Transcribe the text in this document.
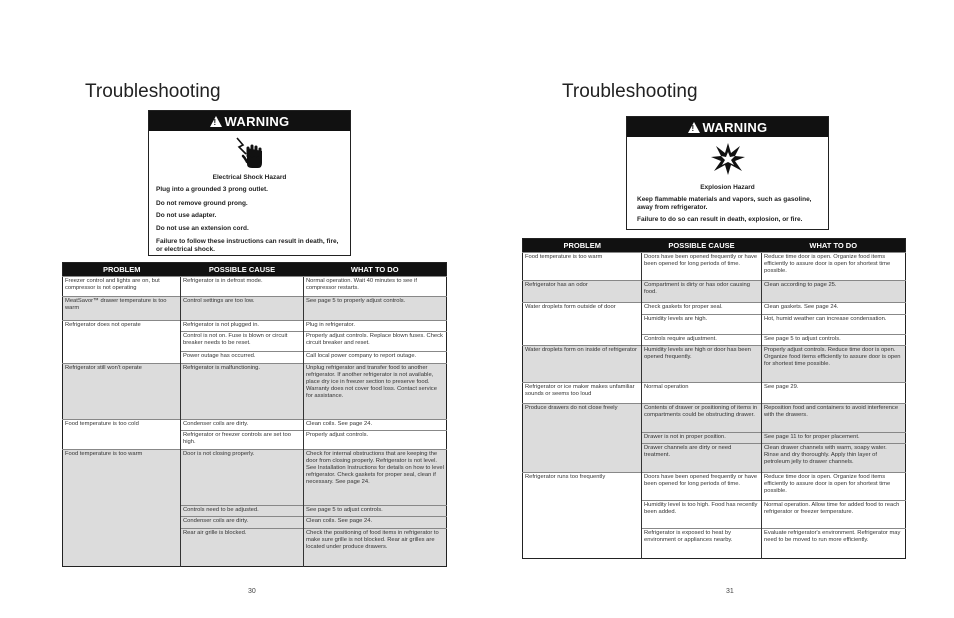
Troubleshooting
! WARNING
Electrical Shock Hazard
Plug into a grounded 3 prong outlet.
Do not remove ground prong.
Do not use adapter.
Do not use an extension cord.
Failure to follow these instructions can result in death, fire, or electrical shock.
PROBLEM	POSSIBLE CAUSE	WHAT TO DO
Freezer control and lights are on, but compressor is not operating	Refrigerator is in defrost mode.	Normal operation. Wait 40 minutes to see if compressor restarts.
MeatSavor™ drawer temperature is too warm	Control settings are too low.	See page 5 to properly adjust controls.
Refrigerator does not operate	Refrigerator is not plugged in.	Plug in refrigerator.
	Control is not on. Fuse is blown or circuit breaker needs to be reset.	Properly adjust controls. Replace blown fuses. Check circuit breaker and reset.
	Power outage has occurred.	Call local power company to report outage.
Refrigerator still won't operate	Refrigerator is malfunctioning.	Unplug refrigerator and transfer food to another refrigerator. If another refrigerator is not available, place dry ice in freezer section to preserve food. Warranty does not cover food loss. Contact service for assistance.
Food temperature is too cold	Condenser coils are dirty.	Clean coils. See page 24.
	Refrigerator or freezer controls are set too high.	Properly adjust controls.
Food temperature is too warm	Door is not closing properly.	Check for internal obstructions that are keeping the door from closing properly. Refrigerator is not level. See Installation Instructions for details on how to level refrigerator. Check gaskets for proper seal, clean if necessary. See page 24.
	Controls need to be adjusted.	See page 5 to adjust controls.
	Condenser coils are dirty.	Clean coils. See page 24.
	Rear air grille is blocked.	Check the positioning of food items in refrigerator to make sure grille is not blocked. Rear air grilles are located under produce drawers.
30
Troubleshooting
! WARNING
Explosion Hazard
Keep flammable materials and vapors, such as gasoline, away from refrigerator.
Failure to do so can result in death, explosion, or fire.
PROBLEM	POSSIBLE CAUSE	WHAT TO DO
Food temperature is too warm	Doors have been opened frequently or have been opened for long periods of time.	Reduce time door is open. Organize food items efficiently to assure door is open for shortest time possible.
Refrigerator has an odor	Compartment is dirty or has odor causing food.	Clean according to page 25.
Water droplets form outside of door	Check gaskets for proper seal.	Clean gaskets. See page 24.
	Humidity levels are high.	Hot, humid weather can increase condensation.
	Controls require adjustment.	See page 5 to adjust controls.
Water droplets form on inside of refrigerator	Humidity levels are high or door has been opened frequently.	Properly adjust controls. Reduce time door is open. Organize food items efficiently to assure door is open for shortest time possible.
Refrigerator or ice maker makes unfamiliar sounds or seems too loud	Normal operation	See page 29.
Produce drawers do not close freely	Contents of drawer or positioning of items in compartments could be obstructing drawer.	Reposition food and containers to avoid interference with the drawers.
	Drawer is not in proper position.	See page 11 to for proper placement.
	Drawer channels are dirty or need treatment.	Clean drawer channels with warm, soapy water. Rinse and dry thoroughly. Apply thin layer of petroleum jelly to drawer channels.
Refrigerator runs too frequently	Doors have been opened frequently or have been opened for long periods of time.	Reduce time door is open. Organize food items efficiently to assure door is open for shortest time possible.
	Humidity level is too high. Food has recently been added.	Normal operation. Allow time for added food to reach refrigerator or freezer temperature.
	Refrigerator is exposed to heat by environment or appliances nearby.	Evaluate refrigerator's environment. Refrigerator may need to be moved to run more efficiently.
31
